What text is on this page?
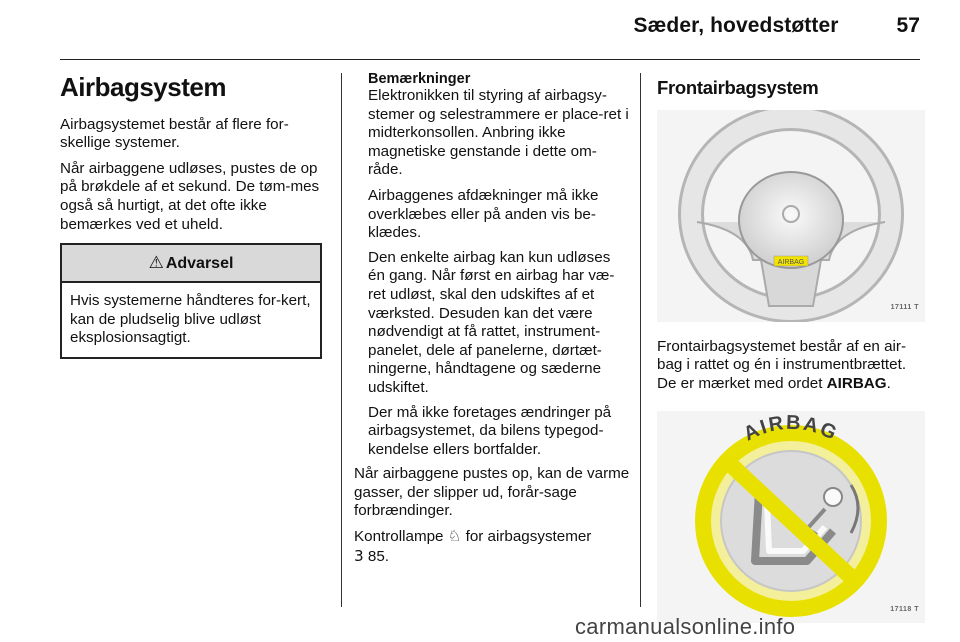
Sæder, hovedstøtter	57
Airbagsystem

Airbagsystemet består af flere for-skellige systemer.

Når airbaggene udløses, pustes de op på brøkdele af et sekund. De tøm-mes også så hurtigt, at det ofte ikke bemærkes ved et uheld.

⚠ Advarsel
Hvis systemerne håndteres for-kert, kan de pludselig blive udløst eksplosionsagtigt.
Bemærkninger

Elektronikken til styring af airbagsy-stemer og selestrammere er place-ret i midterkonsollen. Anbring ikke magnetiske genstande i dette om-råde.

Airbaggenes afdækninger må ikke overklæbes eller på anden vis be-klædes.

Den enkelte airbag kan kun udløses én gang. Når først en airbag har væ-ret udløst, skal den udskiftes af et værksted. Desuden kan det være nødvendigt at få rattet, instrument-panelet, dele af panelerne, dørtæt-ningerne, håndtagene og sæderne udskiftet.

Der må ikke foretages ændringer på airbagsystemet, da bilens typegod-kendelse ellers bortfalder.

Når airbaggene pustes op, kan de varme gasser, der slipper ud, forår-sage forbrændinger.

Kontrollampe ♘ for airbagsystemer
3 85.

Frontairbagsystem
AIRBAG
17111 T

Frontairbagsystemet består af en air-bag i rattet og én i instrumentbrættet. De er mærket med ordet AIRBAG.

AIRBAG
17118 T
carmanualsonline.info
